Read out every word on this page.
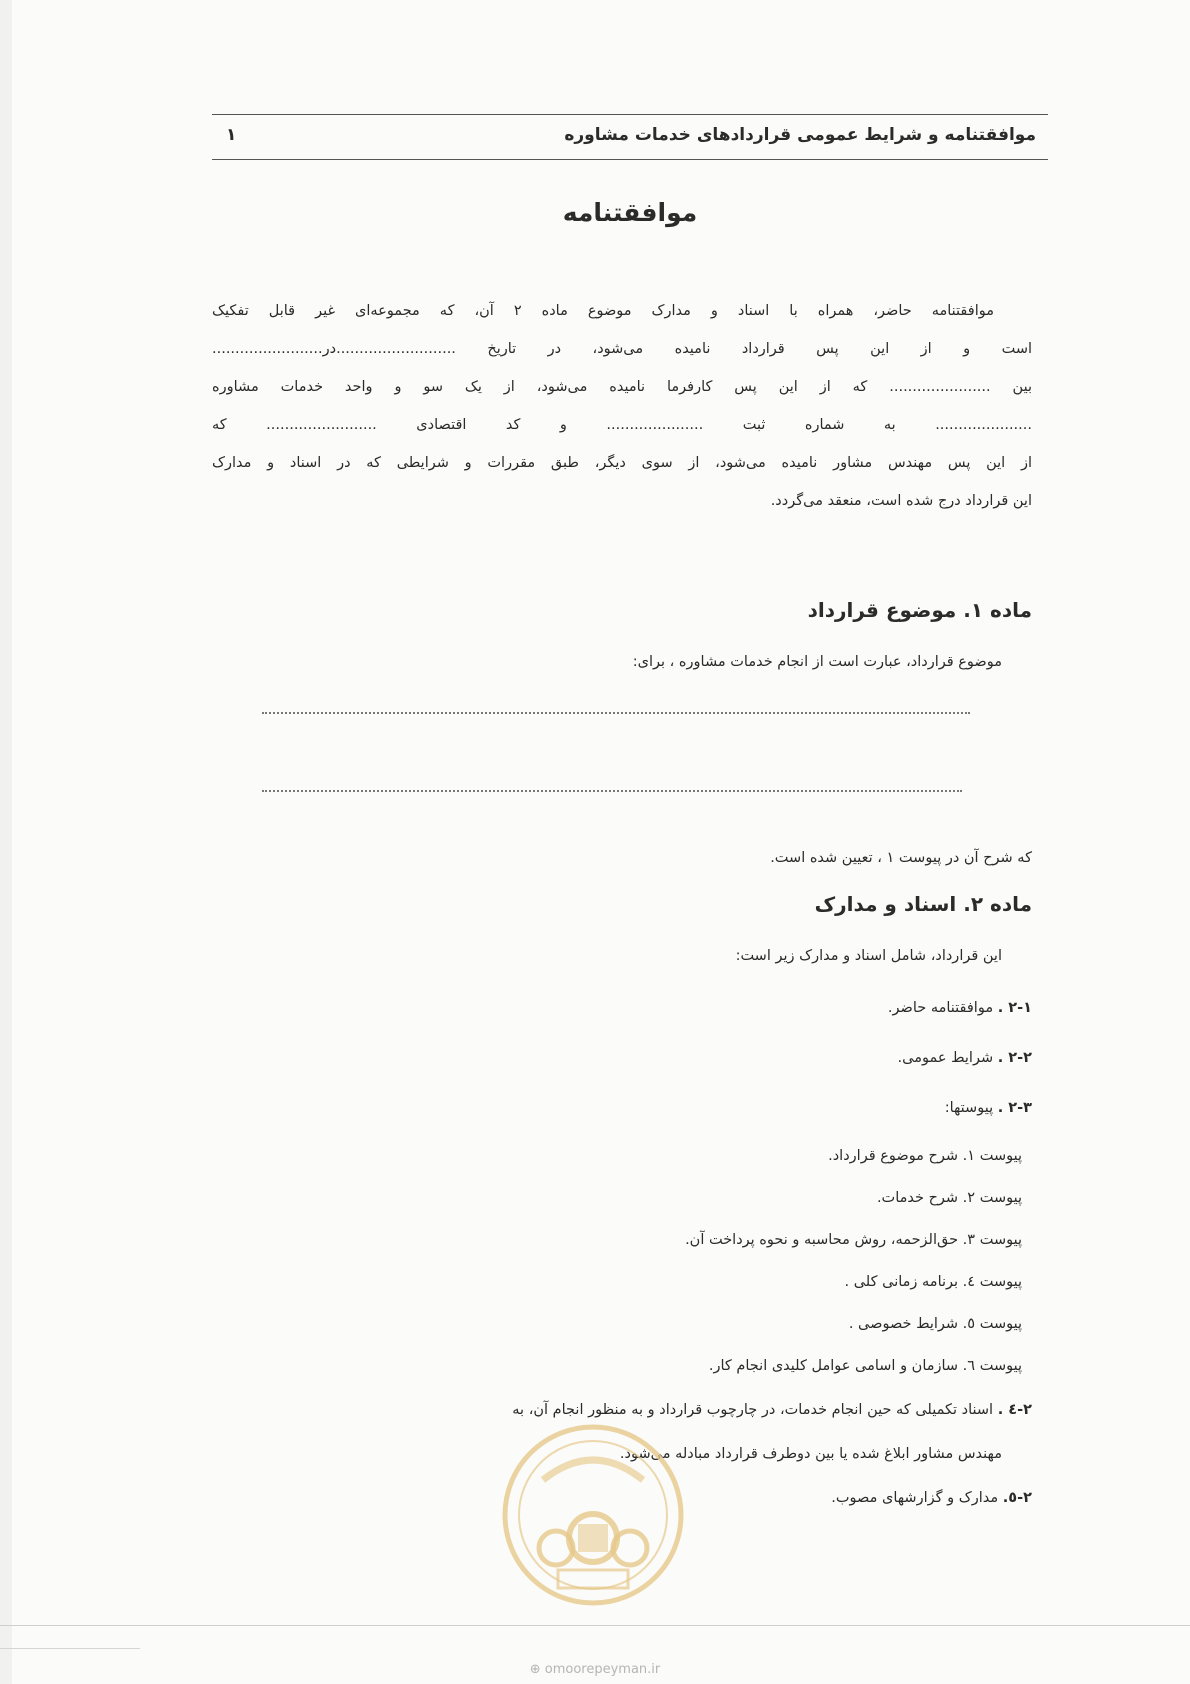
موافقتنامه و شرایط عمومی قراردادهای خدمات مشاوره
۱
موافقتنامه
موافقتنامه حاضر، همراه با اسناد و مدارک موضوع ماده ۲ آن، که مجموعه‌ای غیر قابل تفکیک
است و از این پس قرارداد نامیده می‌شود، در تاریخ ..........................در........................
بین ...................... که از این پس کارفرما نامیده می‌شود، از یک سو و واحد خدمات مشاوره
..................... به شماره ثبت ..................... و کد اقتصادی ........................ که
از این پس مهندس مشاور نامیده می‌شود، از سوی دیگر، طبق مقررات و شرایطی که در اسناد و مدارک
این قرارداد درج شده است، منعقد می‌گردد.
ماده ۱. موضوع قرارداد
موضوع قرارداد، عبارت است از انجام خدمات مشاوره ، برای:
که شرح آن در پیوست ۱ ، تعیین شده است.
ماده ۲. اسناد و مدارک
این قرارداد، شامل اسناد و مدارک زیر است:
۲-۱ . موافقتنامه حاضر.
۲-۲ . شرایط عمومی.
۲-۳ . پیوستها:
پیوست ۱. شرح موضوع قرارداد.
پیوست ۲. شرح خدمات.
پیوست ۳. حق‌الزحمه، روش محاسبه و نحوه پرداخت آن.
پیوست ٤. برنامه زمانی کلی .
پیوست ٥. شرایط خصوصی .
پیوست ٦. سازمان و اسامی عوامل کلیدی انجام کار.
۲-٤ . اسناد تکمیلی که حین انجام خدمات، در چارچوب قرارداد و به منظور انجام آن، به
مهندس مشاور ابلاغ شده یا بین دوطرف قرارداد مبادله می‌شود.
۲-٥. مدارک و گزارشهای مصوب.
⊕ omoorepeyman.ir
